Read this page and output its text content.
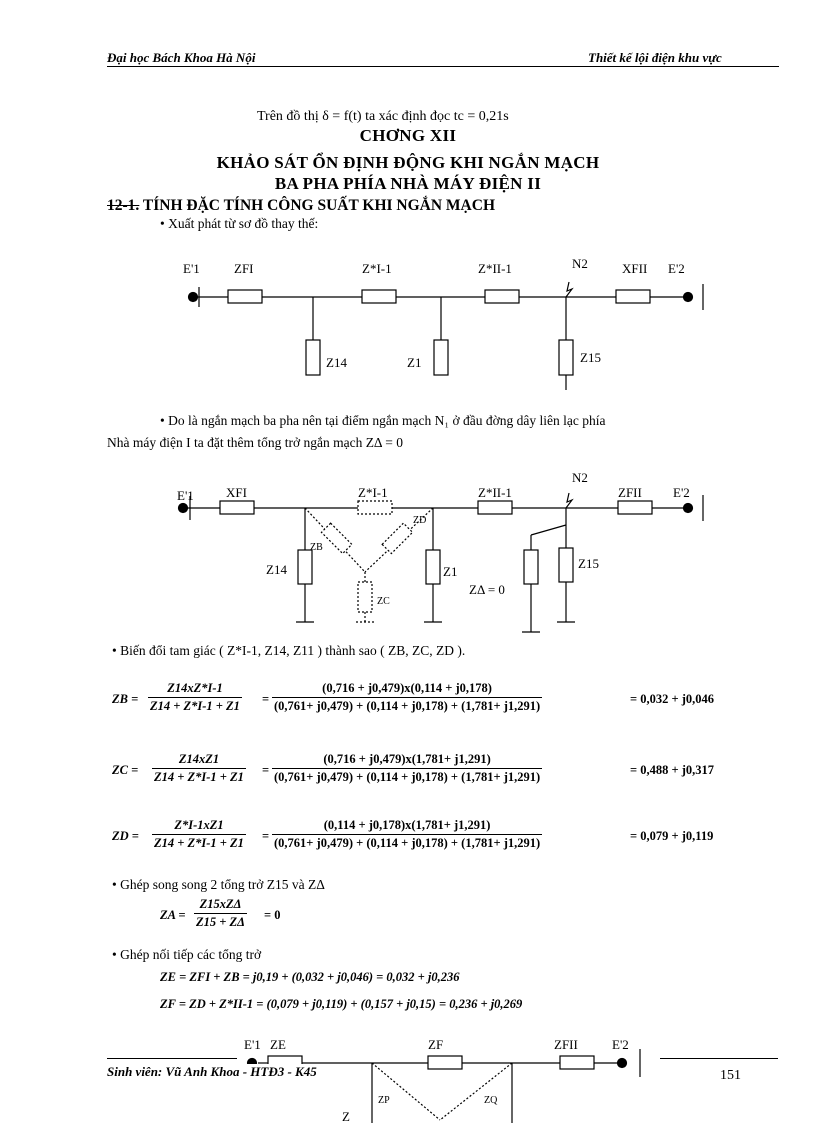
Đại học Bách Khoa Hà Nội	Thiết kế lội điện khu vực
Trên đồ thị δ = f(t) ta xác định đọc tc = 0,21s
CHƠNG XII
KHẢO SÁT ỔN ĐỊNH ĐỘNG KHI NGẮN MẠCH
BA PHA PHÍA NHÀ MÁY ĐIỆN II
12-1. TÍNH ĐẶC TÍNH CÔNG SUẤT KHI NGẮN MẠCH
• Xuất phát từ sơ đồ thay thế:
E'1	ZFI	Z*I-1	Z*II-1	N2	XFII E'2
Z14	Z1	Z15
E'1 XFI	Z*I-1	Z*II-1
N2
ZFII E'2
ZB
ZD
Z14
ZC
Z1
ZΔ = 0
Z15
E'1 ZE	ZF	ZFII	E'2
ZP	ZQ
Z
• Do là ngắn mạch ba pha nên tại điểm ngắn mạch N₁ ở đầu đờng dây liên lạc phía
Nhà máy điện I ta đặt thêm tổng trở ngắn mạch ZΔ = 0
• Biến đổi tam giác ( Z*I-1, Z14, Z11 ) thành sao ( ZB, ZC, ZD ).
ZB =
Z14xZ*I-1
Z14 + Z*I-1 + Z1 =
(0,716 + j0,479)x(0,114 + j0,178)
(0,761+ j0,479) + (0,114 + j0,178) + (1,781+ j1,291)	= 0,032 + j0,046
ZC =
Z14xZ1
Z14 + Z*I-1 + Z1 =
(0,716 + j0,479)x(1,781+ j1,291)
(0,761+ j0,479) + (0,114 + j0,178) + (1,781+ j1,291)	= 0,488 + j0,317
ZD =
Z*I-1xZ1
Z14 + Z*I-1 + Z1 =
(0,114 + j0,178)x(1,781+ j1,291)
(0,761+ j0,479) + (0,114 + j0,178) + (1,781+ j1,291)	= 0,079 + j0,119
• Ghép song song 2 tổng trở Z15 và ZΔ
ZA =
Z15xZΔ
Z15 + ZΔ = 0
• Ghép nối tiếp các tổng trở
ZE = ZFI + ZB = j0,19 + (0,032 + j0,046) = 0,032 + j0,236
ZF = ZD + Z*II-1 = (0,079 + j0,119) + (0,157 + j0,15) = 0,236 + j0,269
Sinh viên: Vũ Anh Khoa - HTĐ3 - K45	151
